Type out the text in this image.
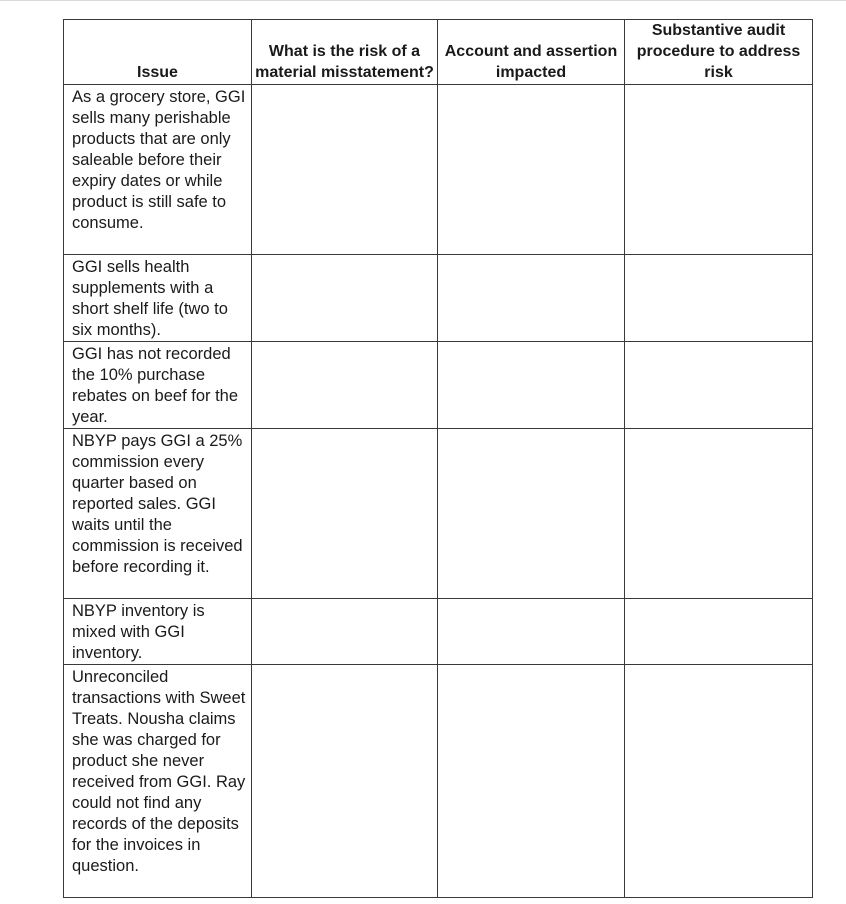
Issue	What is the risk of a material misstatement?	Account and assertion impacted	Substantive audit procedure to address risk
As a grocery store, GGI sells many perishable products that are only saleable before their expiry dates or while product is still safe to consume.			
GGI sells health supplements with a short shelf life (two to six months).			
GGI has not recorded the 10% purchase rebates on beef for the year.			
NBYP pays GGI a 25% commission every quarter based on reported sales. GGI waits until the commission is received before recording it.			
NBYP inventory is mixed with GGI inventory.			
Unreconciled transactions with Sweet Treats. Nousha claims she was charged for product she never received from GGI. Ray could not find any records of the deposits for the invoices in question.			
